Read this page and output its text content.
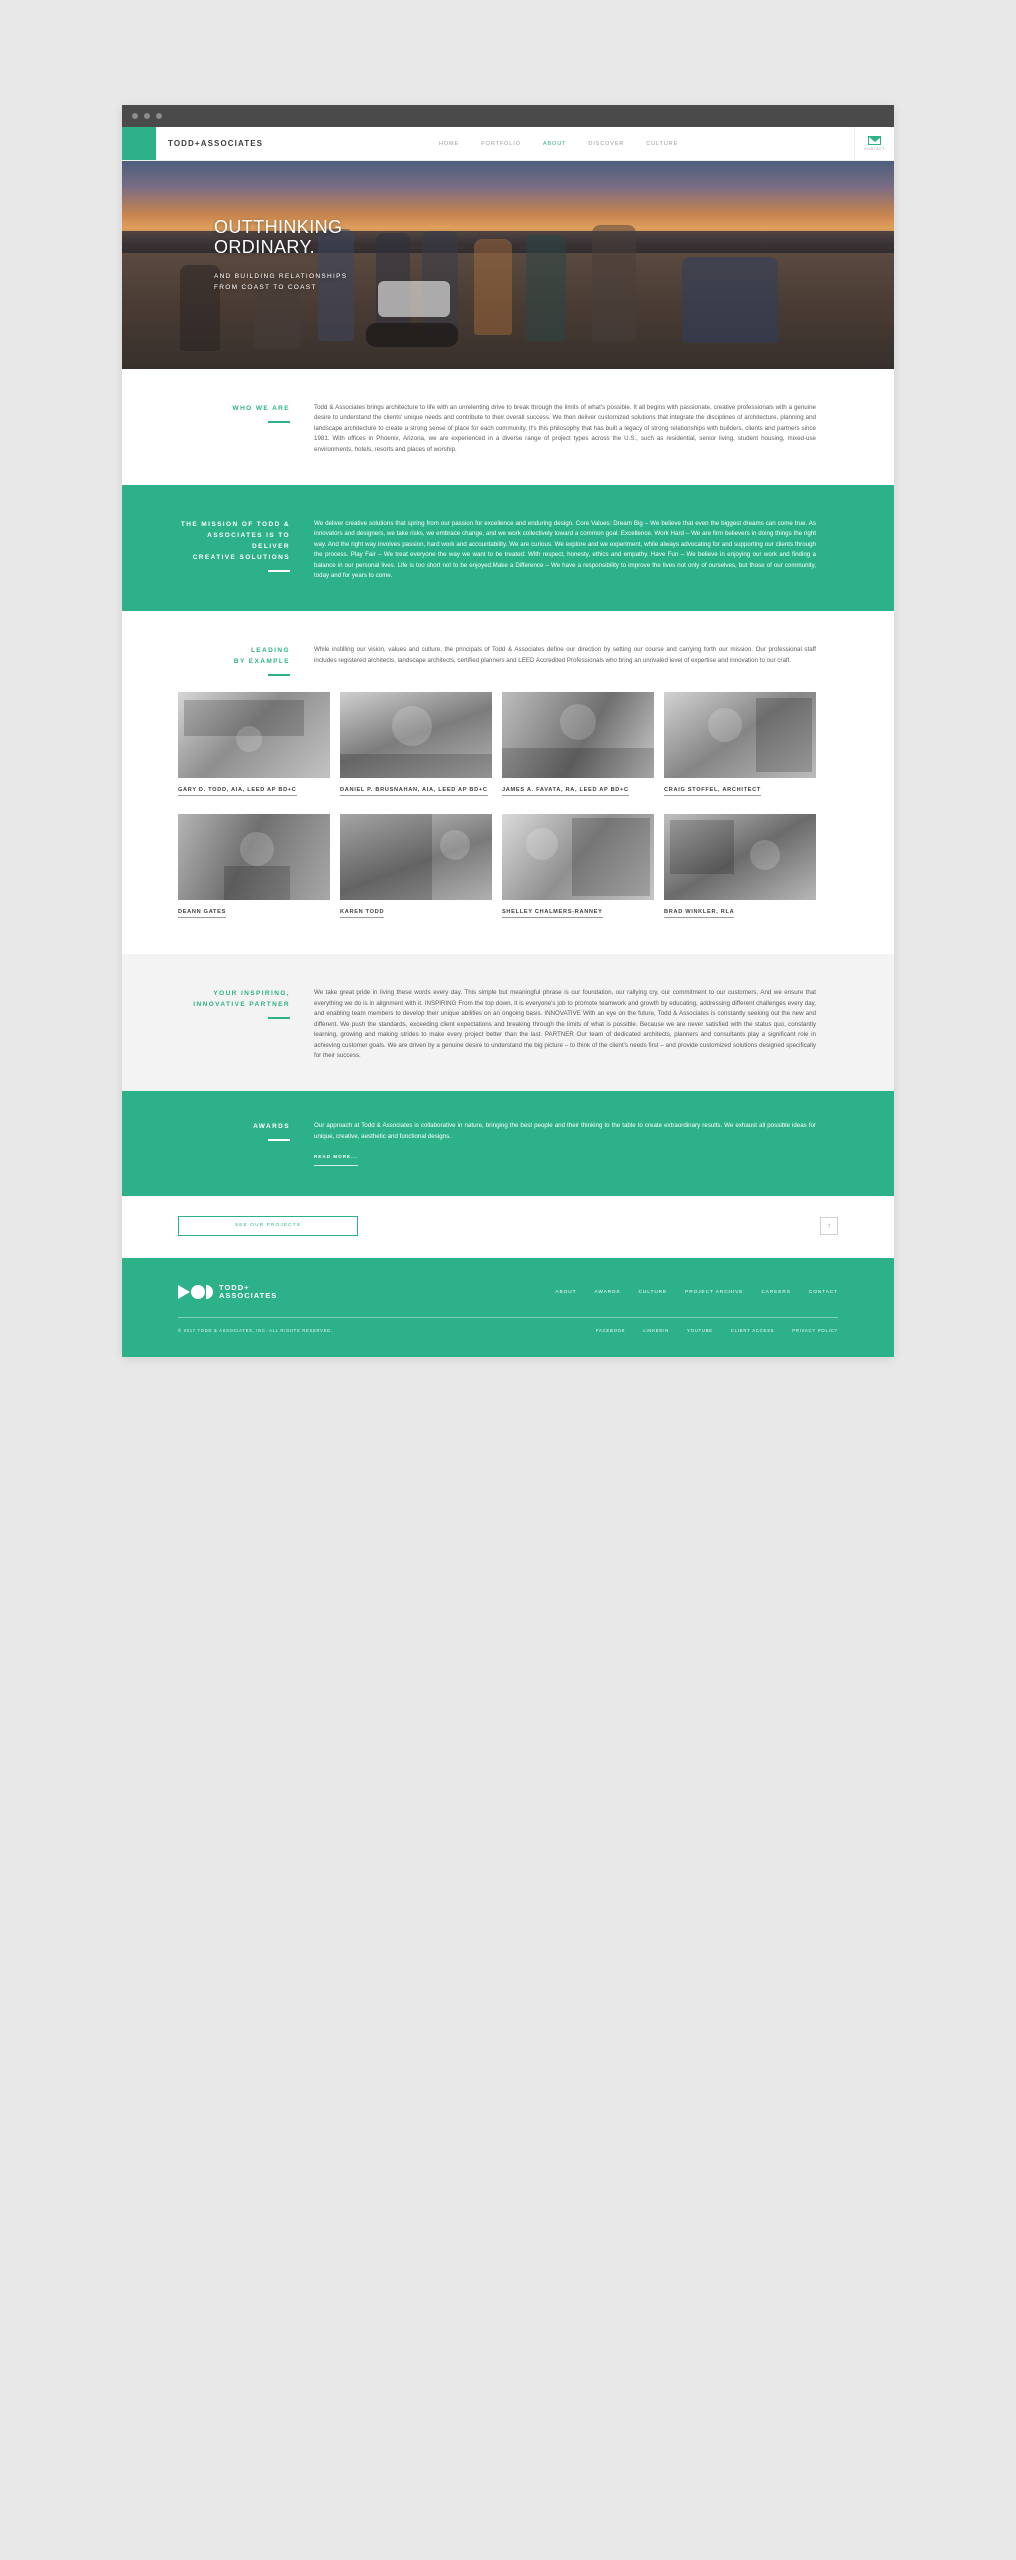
TODD+ASSOCIATES	HOME	PORTFOLIO	ABOUT	DISCOVER	CULTURE
CONTACT
OUTTHINKING
ORDINARY.
AND BUILDING RELATIONSHIPS
FROM COAST TO COAST
WHO WE ARE	Todd & Associates brings architecture to life with an unrelenting drive to break through the limits of what's possible. It all begins with passionate, creative professionals with a genuine desire to understand the clients' unique needs and contribute to their overall success. We then deliver customized solutions that integrate the disciplines of architecture, planning and landscape architecture to create a strong sense of place for each community. It's this philosophy that has built a legacy of strong relationships with builders, clients and partners since 1981. With offices in Phoenix, Arizona, we are experienced in a diverse range of project types across the U.S., such as residential, senior living, student housing, mixed-use environments, hotels, resorts and places of worship.
THE MISSION OF TODD &
ASSOCIATES IS TO DELIVER
CREATIVE SOLUTIONS
We deliver creative solutions that spring from our passion for excellence and enduring design. Core Values: Dream Big – We believe that even the biggest dreams can come true. As innovators and designers, we take risks, we embrace change, and we work collectively toward a common goal. Excellence. Work Hard – We are firm believers in doing things the right way. And the right way involves passion, hard work and accountability. We are curious. We explore and we experiment, while always advocating for and supporting our clients through the process. Play Fair – We treat everyone the way we want to be treated: With respect, honesty, ethics and empathy. Have Fun – We believe in enjoying our work and finding a balance in our personal lives. Life is too short not to be enjoyed.Make a Difference – We have a responsibility to improve the lives not only of ourselves, but those of our community, today and for years to come.
LEADING
BY EXAMPLE
While instilling our vision, values and culture, the principals of Todd & Associates define our direction by setting our course and carrying forth our mission. Our professional staff includes registered architects, landscape architects, certified planners and LEED Accredited Professionals who bring an unrivaled level of expertise and innovation to our craft.
GARY D. TODD, AIA, LEED AP BD+C	DANIEL P. BRUSNAHAN, AIA, LEED AP BD+C	JAMES A. FAVATA, RA, LEED AP BD+C	CRAIG STOFFEL, ARCHITECT
DEANN GATES	KAREN TODD	SHELLEY CHALMERS-RANNEY	BRAD WINKLER, RLA
YOUR INSPIRING,
INNOVATIVE PARTNER
We take great pride in living these words every day. This simple but meaningful phrase is our foundation, our rallying cry, our commitment to our customers. And we ensure that everything we do is in alignment with it. INSPIRING From the top down, it is everyone's job to promote teamwork and growth by educating, addressing different challenges every day, and enabling team members to develop their unique abilities on an ongoing basis. INNOVATIVE With an eye on the future, Todd & Associates is constantly seeking out the new and different. We push the standards, exceeding client expectations and breaking through the limits of what is possible. Because we are never satisfied with the status quo, constantly learning, growing and making strides to make every project better than the last. PARTNER Our team of dedicated architects, planners and consultants play a significant role in achieving customer goals. We are driven by a genuine desire to understand the big picture – to think of the client's needs first – and provide customized solutions designed specifically for their success.
AWARDS	Our approach at Todd & Associates is collaborative in nature, bringing the best people and their thinking to the table to create extraordinary results. We exhaust all possible ideas for unique, creative, aesthetic and functional designs.
READ MORE...
SEE OUR PROJECTS	↑
TODD+
ASSOCIATES	ABOUT	AWARDS	CULTURE	PROJECT ARCHIVE	CAREERS	CONTACT
© 2017 TODD & ASSOCIATES, INC. ALL RIGHTS RESERVED.	FACEBOOK	LINKEDIN	YOUTUBE	CLIENT ACCESS	PRIVACY POLICY
